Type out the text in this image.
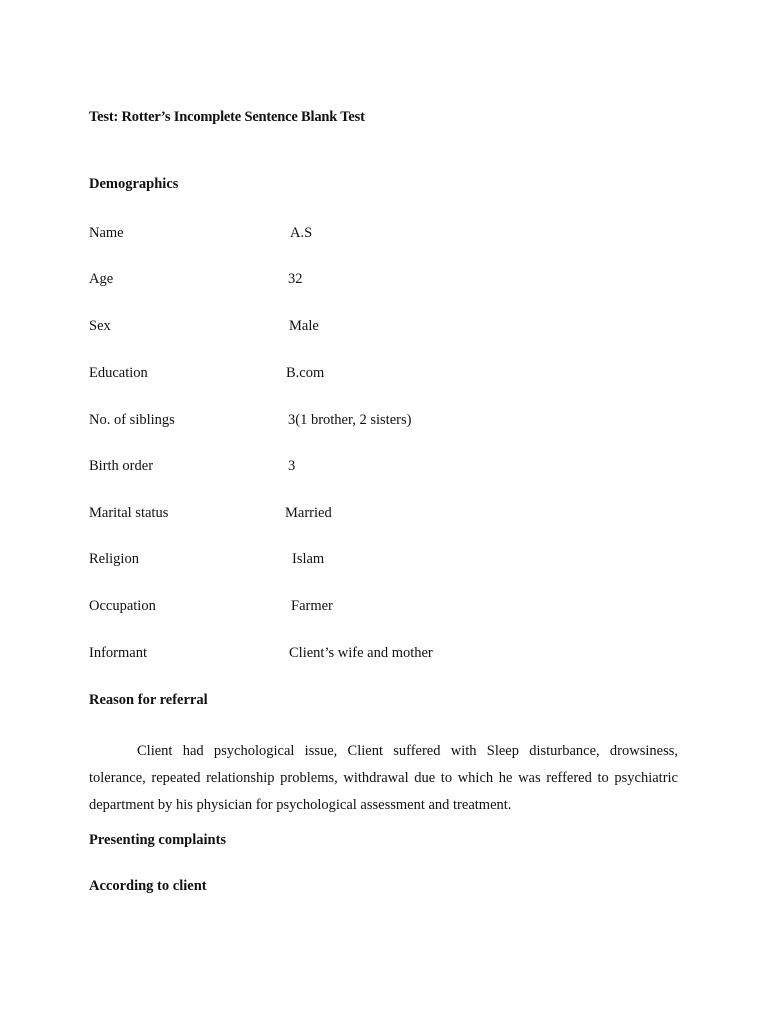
Test: Rotter’s Incomplete Sentence Blank Test
Demographics
Name	A.S
Age	32
Sex	Male
Education	B.com
No. of siblings	3(1 brother, 2 sisters)
Birth order	3
Marital status	Married
Religion	Islam
Occupation	Farmer
Informant	Client’s wife and mother
Reason for referral
Client had psychological issue, Client suffered with Sleep disturbance, drowsiness, tolerance, repeated relationship problems, withdrawal due to which he was reffered to psychiatric department by his physician for psychological assessment and treatment.
Presenting complaints
According to client
